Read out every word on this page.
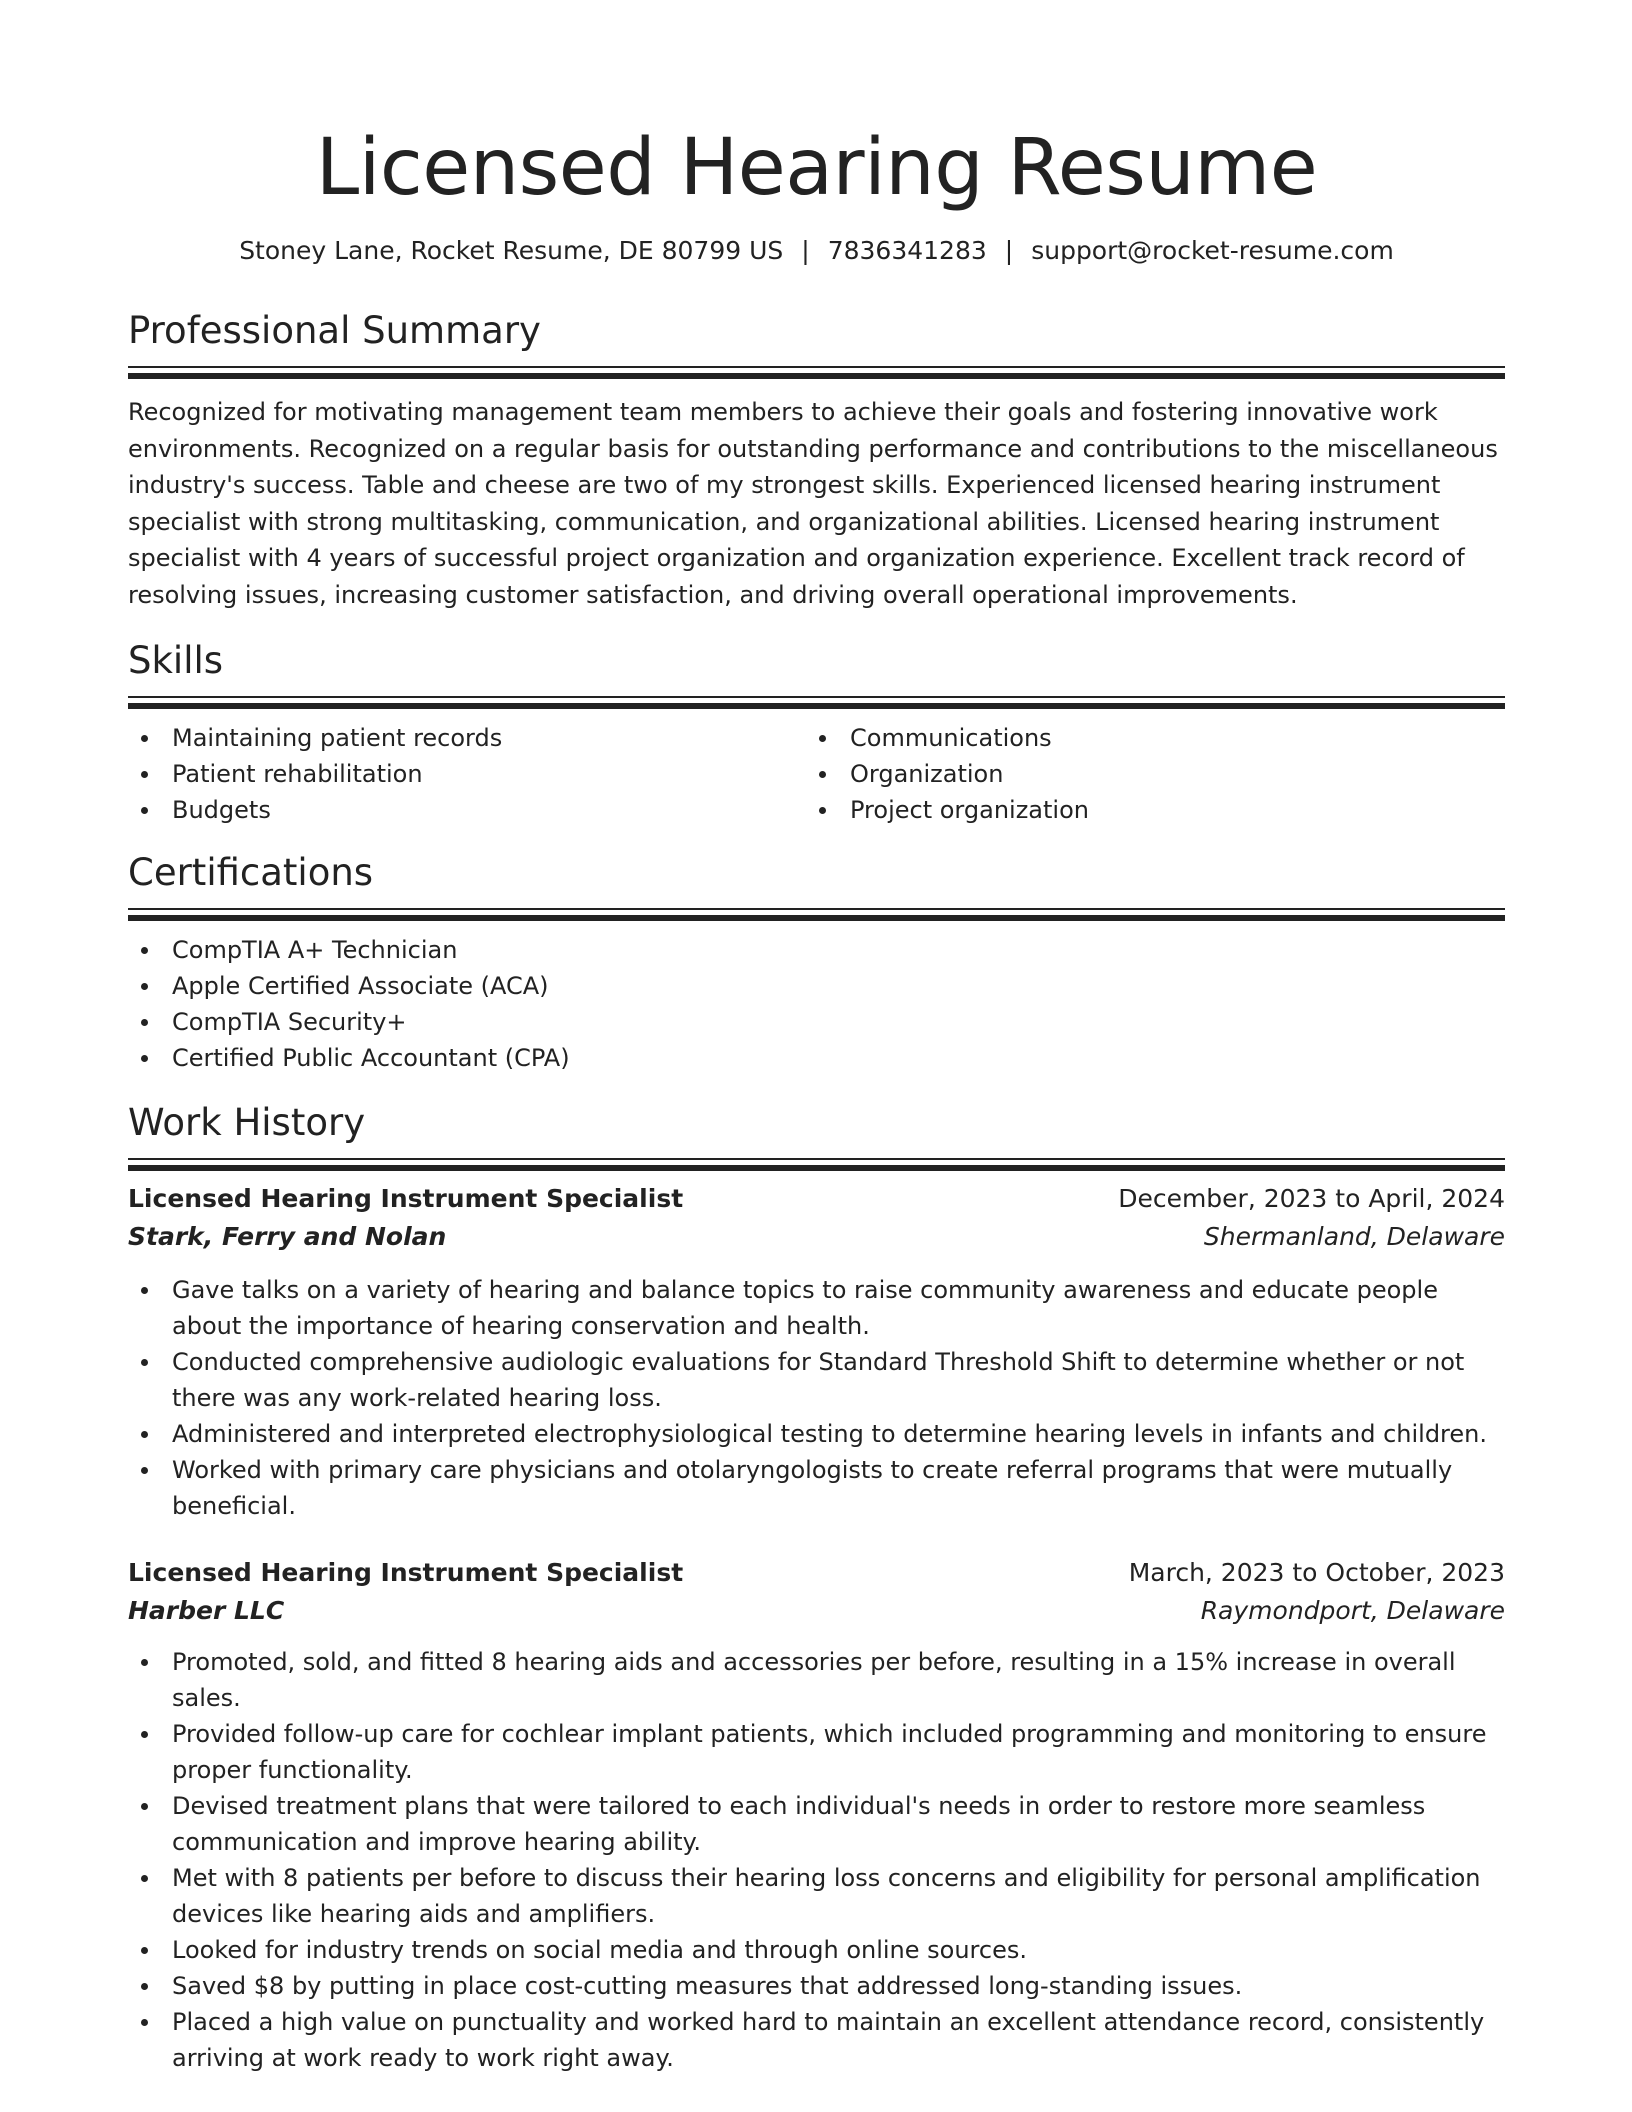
Licensed Hearing Resume
Stoney Lane, Rocket Resume, DE 80799 US | 7836341283 | support@rocket-resume.com
Professional Summary
Recognized for motivating management team members to achieve their goals and fostering innovative work environments. Recognized on a regular basis for outstanding performance and contributions to the miscellaneous industry's success. Table and cheese are two of my strongest skills. Experienced licensed hearing instrument specialist with strong multitasking, communication, and organizational abilities. Licensed hearing instrument specialist with 4 years of successful project organization and organization experience. Excellent track record of resolving issues, increasing customer satisfaction, and driving overall operational improvements.
Skills
Maintaining patient records
Patient rehabilitation
Budgets
Communications
Organization
Project organization
Certifications
CompTIA A+ Technician
Apple Certified Associate (ACA)
CompTIA Security+
Certified Public Accountant (CPA)
Work History
Licensed Hearing Instrument Specialist	December, 2023 to April, 2024
Stark, Ferry and Nolan	Shermanland, Delaware
Gave talks on a variety of hearing and balance topics to raise community awareness and educate people about the importance of hearing conservation and health.
Conducted comprehensive audiologic evaluations for Standard Threshold Shift to determine whether or not there was any work-related hearing loss.
Administered and interpreted electrophysiological testing to determine hearing levels in infants and children.
Worked with primary care physicians and otolaryngologists to create referral programs that were mutually beneficial.
Licensed Hearing Instrument Specialist	March, 2023 to October, 2023
Harber LLC	Raymondport, Delaware
Promoted, sold, and fitted 8 hearing aids and accessories per before, resulting in a 15% increase in overall sales.
Provided follow-up care for cochlear implant patients, which included programming and monitoring to ensure proper functionality.
Devised treatment plans that were tailored to each individual's needs in order to restore more seamless communication and improve hearing ability.
Met with 8 patients per before to discuss their hearing loss concerns and eligibility for personal amplification devices like hearing aids and amplifiers.
Looked for industry trends on social media and through online sources.
Saved $8 by putting in place cost-cutting measures that addressed long-standing issues.
Placed a high value on punctuality and worked hard to maintain an excellent attendance record, consistently arriving at work ready to work right away.
